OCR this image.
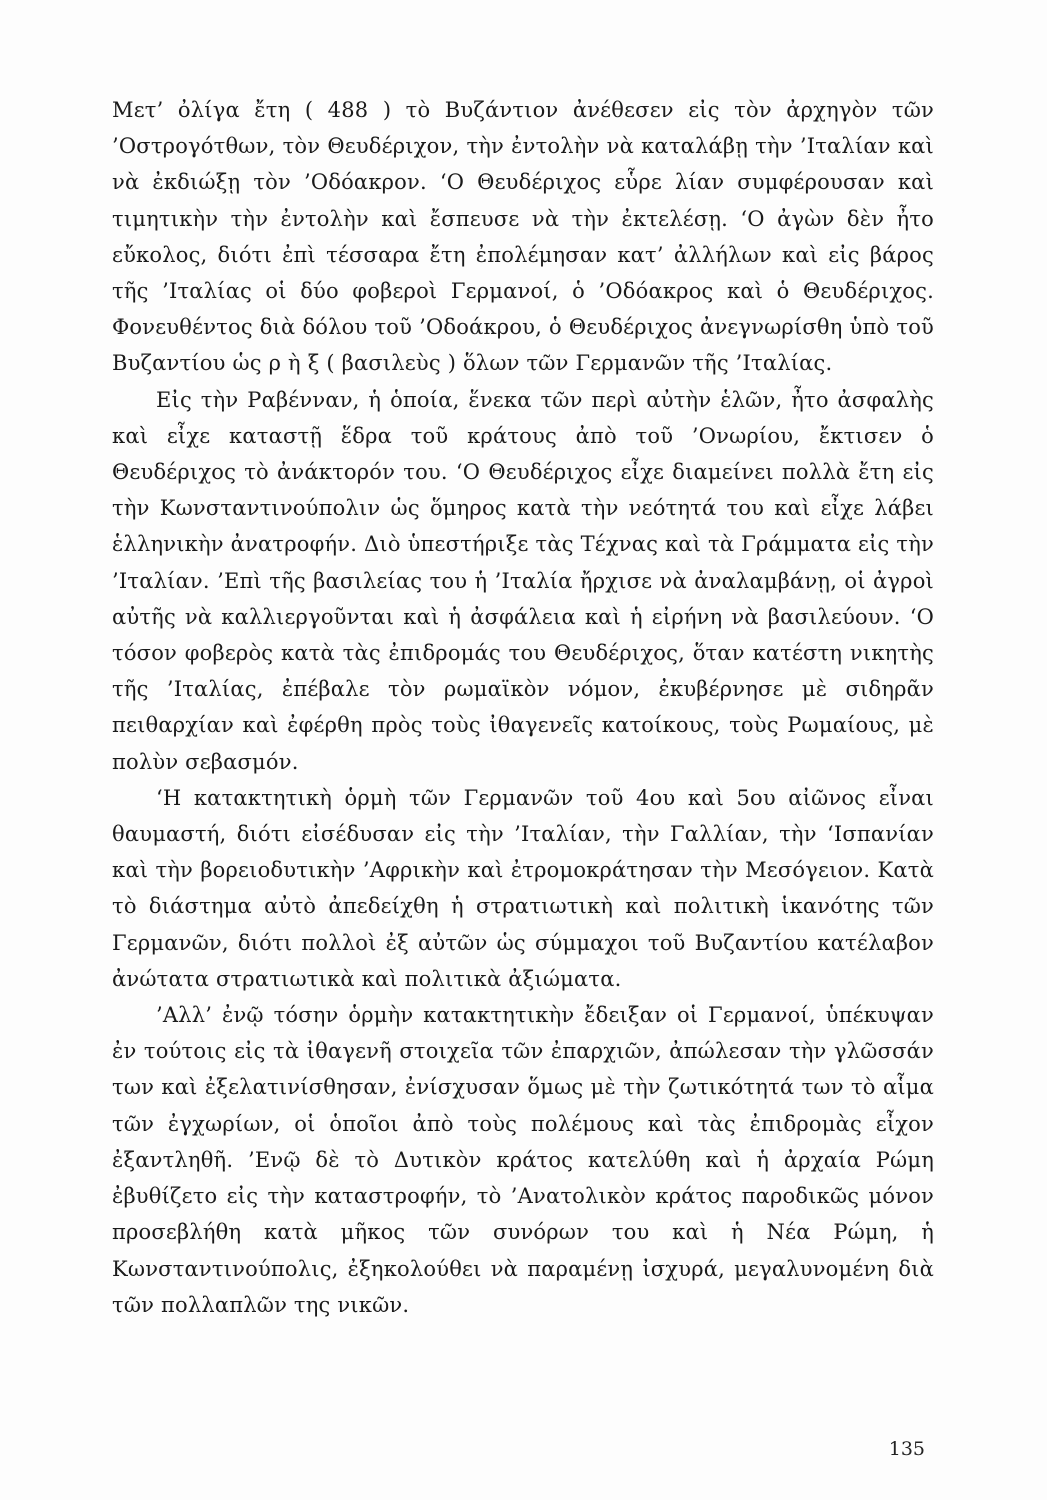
Μετ’ ὀλίγα ἔτη ( 488 ) τὸ Βυζάντιον ἀνέθεσεν εἰς τὸν ἀρχηγὸν τῶν ’Οστρογότθων, τὸν Θευδέριχον, τὴν ἐντολὴν νὰ καταλάβῃ τὴν ’Ιταλίαν καὶ νὰ ἐκδιώξῃ τὸν ’Οδόακρον. ‘Ο Θευδέριχος εὗρε λίαν συμφέρουσαν καὶ τιμητικὴν τὴν ἐντολὴν καὶ ἔσπευσε νὰ τὴν ἐκτελέσῃ. ‘Ο ἀγὼν δὲν ἦτο εὔκολος, διότι ἐπὶ τέσσαρα ἔτη ἐπολέμησαν κατ’ ἀλλήλων καὶ εἰς βάρος τῆς ’Ιταλίας οἱ δύο φοβεροὶ Γερμανοί, ὁ ’Οδόακρος καὶ ὁ Θευδέριχος. Φονευθέντος διὰ δόλου τοῦ ’Οδοάκρου, ὁ Θευδέριχος ἀνεγνωρίσθη ὑπὸ τοῦ Βυζαντίου ὡς ρ ὴ ξ ( βασιλεὺς ) ὅλων τῶν Γερμανῶν τῆς ’Ιταλίας.

Εἰς τὴν Ραβένναν, ἡ ὁποία, ἕνεκα τῶν περὶ αὐτὴν ἑλῶν, ἦτο ἀσφαλὴς καὶ εἶχε καταστῇ ἕδρα τοῦ κράτους ἀπὸ τοῦ ’Ονωρίου, ἔκτισεν ὁ Θευδέριχος τὸ ἀνάκτορόν του. ‘Ο Θευδέριχος εἶχε διαμείνει πολλὰ ἔτη εἰς τὴν Κωνσταντινούπολιν ὡς ὅμηρος κατὰ τὴν νεότητά του καὶ εἶχε λάβει ἑλληνικὴν ἀνατροφήν. Διὸ ὑπεστήριξε τὰς Τέχνας καὶ τὰ Γράμματα εἰς τὴν ’Ιταλίαν. ’Επὶ τῆς βασιλείας του ἡ ’Ιταλία ἤρχισε νὰ ἀναλαμβάνῃ, οἱ ἀγροὶ αὐτῆς νὰ καλλιεργοῦνται καὶ ἡ ἀσφάλεια καὶ ἡ εἰρήνη νὰ βασιλεύουν. ‘Ο τόσον φοβερὸς κατὰ τὰς ἐπιδρομάς του Θευδέριχος, ὅταν κατέστη νικητὴς τῆς ’Ιταλίας, ἐπέβαλε τὸν ρωμαϊκὸν νόμον, ἐκυβέρνησε μὲ σιδηρᾶν πειθαρχίαν καὶ ἐφέρθη πρὸς τοὺς ἰθαγενεῖς κατοίκους, τοὺς Ρωμαίους, μὲ πολὺν σεβασμόν.

‘Η κατακτητικὴ ὁρμὴ τῶν Γερμανῶν τοῦ 4ου καὶ 5ου αἰῶνος εἶναι θαυμαστή, διότι εἰσέδυσαν εἰς τὴν ’Ιταλίαν, τὴν Γαλλίαν, τὴν ‘Ισπανίαν καὶ τὴν βορειοδυτικὴν ’Αφρικὴν καὶ ἐτρομοκράτησαν τὴν Μεσόγειον. Κατὰ τὸ διάστημα αὐτὸ ἀπεδείχθη ἡ στρατιωτικὴ καὶ πολιτικὴ ἱκανότης τῶν Γερμανῶν, διότι πολλοὶ ἐξ αὐτῶν ὡς σύμμαχοι τοῦ Βυζαντίου κατέλαβον ἀνώτατα στρατιωτικὰ καὶ πολιτικὰ ἀξιώματα.

’Αλλ’ ἐνῷ τόσην ὁρμὴν κατακτητικὴν ἔδειξαν οἱ Γερμανοί, ὑπέκυψαν ἐν τούτοις εἰς τὰ ἰθαγενῆ στοιχεῖα τῶν ἐπαρχιῶν, ἀπώλεσαν τὴν γλῶσσάν των καὶ ἐξελατινίσθησαν, ἐνίσχυσαν ὅμως μὲ τὴν ζωτικότητά των τὸ αἷμα τῶν ἐγχωρίων, οἱ ὁποῖοι ἀπὸ τοὺς πολέμους καὶ τὰς ἐπιδρομὰς εἶχον ἐξαντληθῆ. ’Ενῷ δὲ τὸ Δυτικὸν κράτος κατελύθη καὶ ἡ ἀρχαία Ρώμη ἐβυθίζετο εἰς τὴν καταστροφήν, τὸ ’Ανατολικὸν κράτος παροδικῶς μόνον προσεβλήθη κατὰ μῆκος τῶν συνόρων του καὶ ἡ Νέα Ρώμη, ἡ Κωνσταντινούπολις, ἐξηκολούθει νὰ παραμένῃ ἰσχυρά, μεγαλυνομένη διὰ τῶν πολλαπλῶν της νικῶν.

135
